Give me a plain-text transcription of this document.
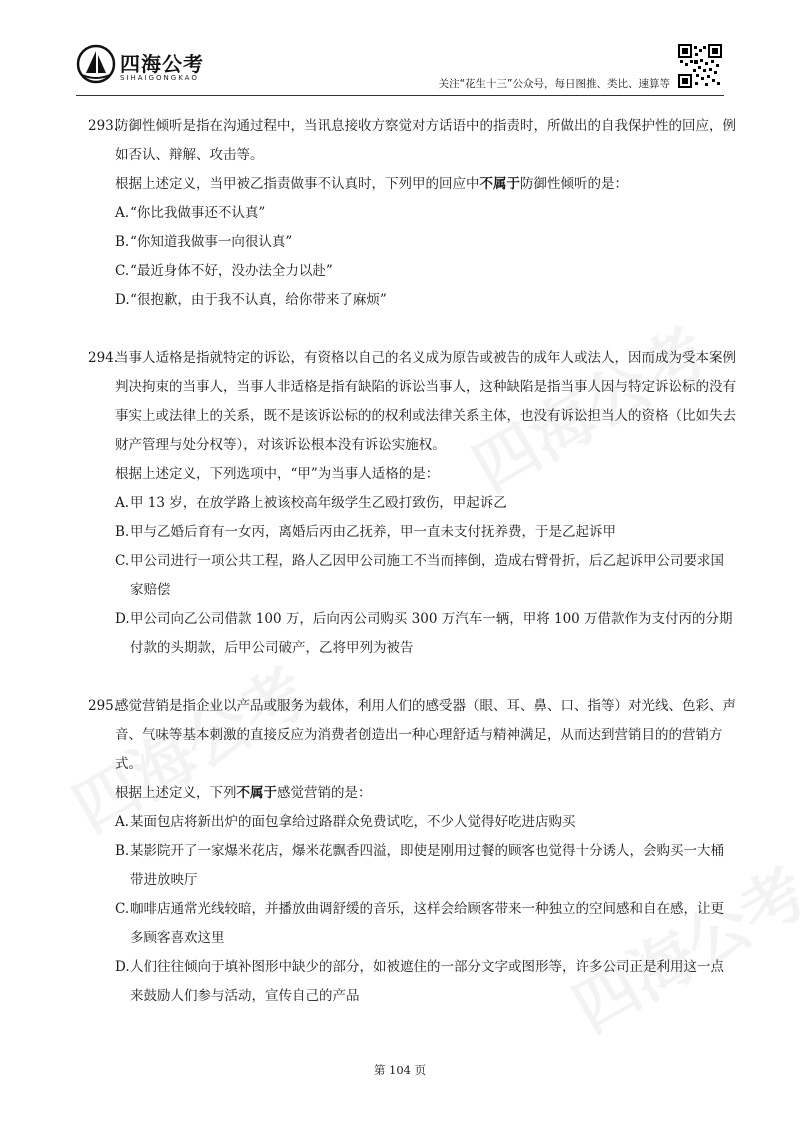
四海公考
SIHAIGONGKAO	关注“花生十三”公众号，每日图推、类比、速算等

293.防御性倾听是指在沟通过程中，当讯息接收方察觉对方话语中的指责时，所做出的自我保护性的回应，例如否认、辩解、攻击等。

根据上述定义，当甲被乙指责做事不认真时，下列甲的回应中不属于防御性倾听的是：

A.“你比我做事还不认真”

B.“你知道我做事一向很认真”

C.“最近身体不好，没办法全力以赴”

D.“很抱歉，由于我不认真，给你带来了麻烦”

294.当事人适格是指就特定的诉讼，有资格以自己的名义成为原告或被告的成年人或法人，因而成为受本案例判决拘束的当事人，当事人非适格是指有缺陷的诉讼当事人，这种缺陷是指当事人因与特定诉讼标的没有事实上或法律上的关系，既不是该诉讼标的的权利或法律关系主体，也没有诉讼担当人的资格（比如失去财产管理与处分权等），对该诉讼根本没有诉讼实施权。

根据上述定义，下列选项中，“甲”为当事人适格的是：

A.甲 13 岁，在放学路上被该校高年级学生乙殴打致伤，甲起诉乙

B.甲与乙婚后育有一女丙，离婚后丙由乙抚养，甲一直未支付抚养费，于是乙起诉甲

C.甲公司进行一项公共工程，路人乙因甲公司施工不当而摔倒，造成右臂骨折，后乙起诉甲公司要求国家赔偿

D.甲公司向乙公司借款 100 万，后向丙公司购买 300 万汽车一辆，甲将 100 万借款作为支付丙的分期付款的头期款，后甲公司破产，乙将甲列为被告

295.感觉营销是指企业以产品或服务为载体，利用人们的感受器（眼、耳、鼻、口、指等）对光线、色彩、声音、气味等基本刺激的直接反应为消费者创造出一种心理舒适与精神满足，从而达到营销目的的营销方式。

根据上述定义，下列不属于感觉营销的是：

A.某面包店将新出炉的面包拿给过路群众免费试吃，不少人觉得好吃进店购买

B.某影院开了一家爆米花店，爆米花飘香四溢，即使是刚用过餐的顾客也觉得十分诱人，会购买一大桶带进放映厅

C.咖啡店通常光线较暗，并播放曲调舒缓的音乐，这样会给顾客带来一种独立的空间感和自在感，让更多顾客喜欢这里

D.人们往往倾向于填补图形中缺少的部分，如被遮住的一部分文字或图形等，许多公司正是利用这一点来鼓励人们参与活动，宣传自己的产品

第 104 页
